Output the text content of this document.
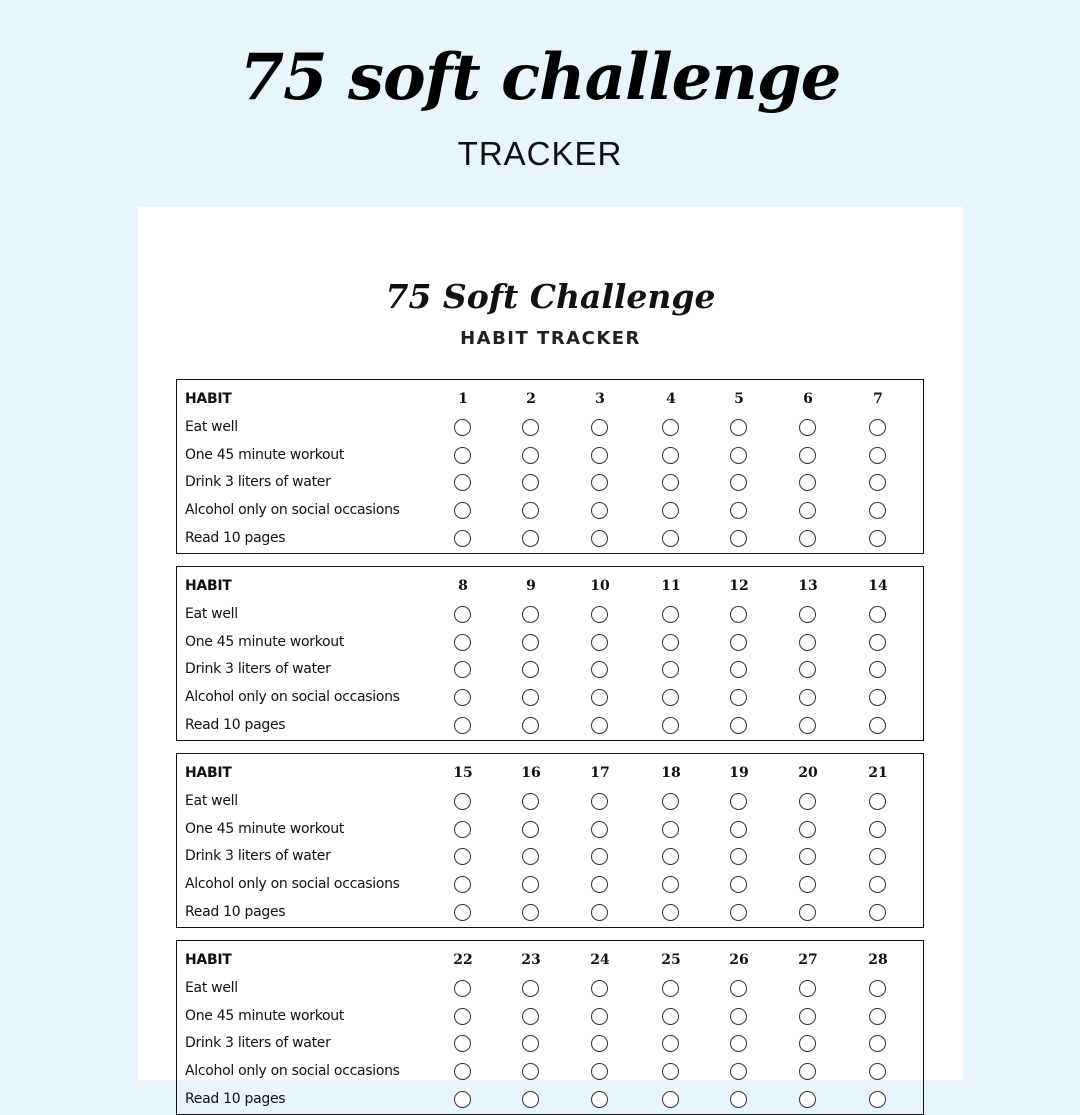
75 soft challenge
TRACKER
75 Soft Challenge
HABIT TRACKER
HABIT	1	2	3	4	5	6	7
Eat well
One 45 minute workout
Drink 3 liters of water
Alcohol only on social occasions
Read 10 pages
HABIT	8	9	10	11	12	13	14
Eat well
One 45 minute workout
Drink 3 liters of water
Alcohol only on social occasions
Read 10 pages
HABIT	15	16	17	18	19	20	21
Eat well
One 45 minute workout
Drink 3 liters of water
Alcohol only on social occasions
Read 10 pages
HABIT	22	23	24	25	26	27	28
Eat well
One 45 minute workout
Drink 3 liters of water
Alcohol only on social occasions
Read 10 pages
